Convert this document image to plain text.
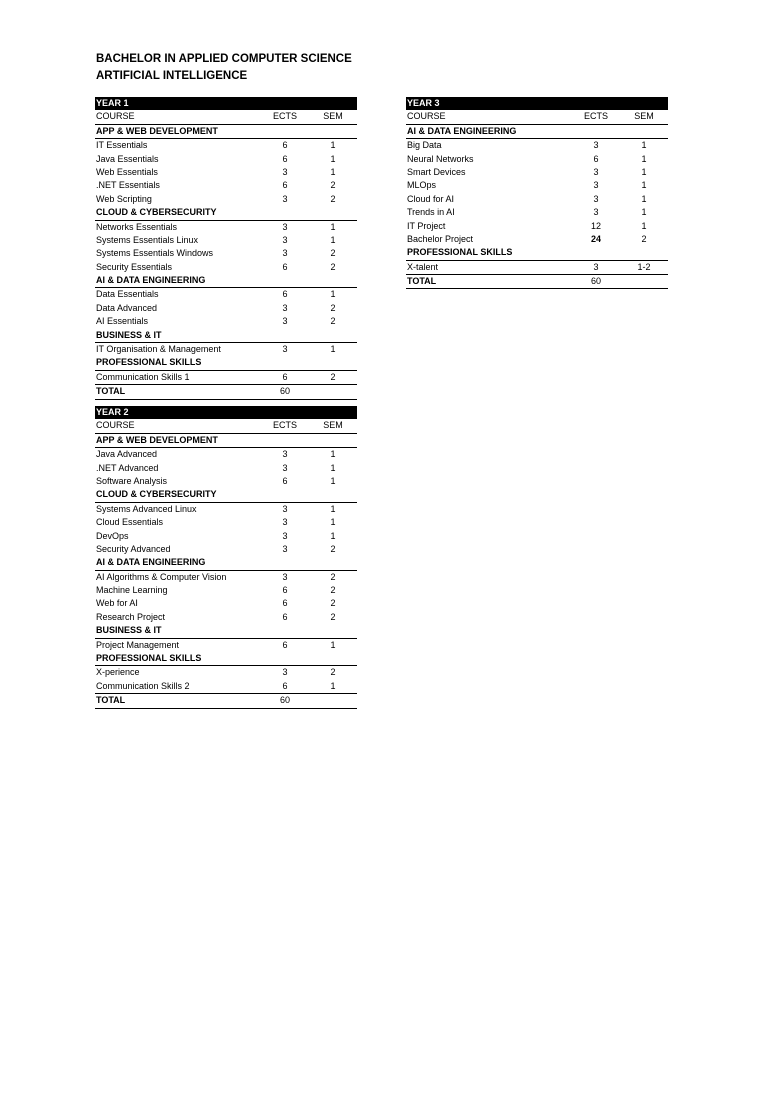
BACHELOR IN APPLIED COMPUTER SCIENCE
ARTIFICIAL INTELLIGENCE
YEAR 1
COURSE	ECTS	SEM
APP & WEB DEVELOPMENT
IT Essentials	6	1
Java Essentials	6	1
Web Essentials	3	1
.NET Essentials	6	2
Web Scripting	3	2
CLOUD & CYBERSECURITY
Networks Essentials	3	1
Systems Essentials Linux	3	1
Systems Essentials Windows	3	2
Security Essentials	6	2
AI & DATA ENGINEERING
Data Essentials	6	1
Data Advanced	3	2
AI Essentials	3	2
BUSINESS & IT
IT Organisation & Management	3	1
PROFESSIONAL SKILLS
Communication Skills 1	6	2
TOTAL	60
YEAR 2
COURSE	ECTS	SEM
APP & WEB DEVELOPMENT
Java Advanced	3	1
.NET Advanced	3	1
Software Analysis	6	1
CLOUD & CYBERSECURITY
Systems Advanced Linux	3	1
Cloud Essentials	3	1
DevOps	3	1
Security Advanced	3	2
AI & DATA ENGINEERING
AI Algorithms & Computer Vision	3	2
Machine Learning	6	2
Web for AI	6	2
Research Project	6	2
BUSINESS & IT
Project Management	6	1
PROFESSIONAL SKILLS
X-perience	3	2
Communication Skills 2	6	1
TOTAL	60
YEAR 3
COURSE	ECTS	SEM
AI & DATA ENGINEERING
Big Data	3	1
Neural Networks	6	1
Smart Devices	3	1
MLOps	3	1
Cloud for AI	3	1
Trends in AI	3	1
IT Project	12	1
Bachelor Project	24	2
PROFESSIONAL SKILLS
X-talent	3	1-2
TOTAL	60
